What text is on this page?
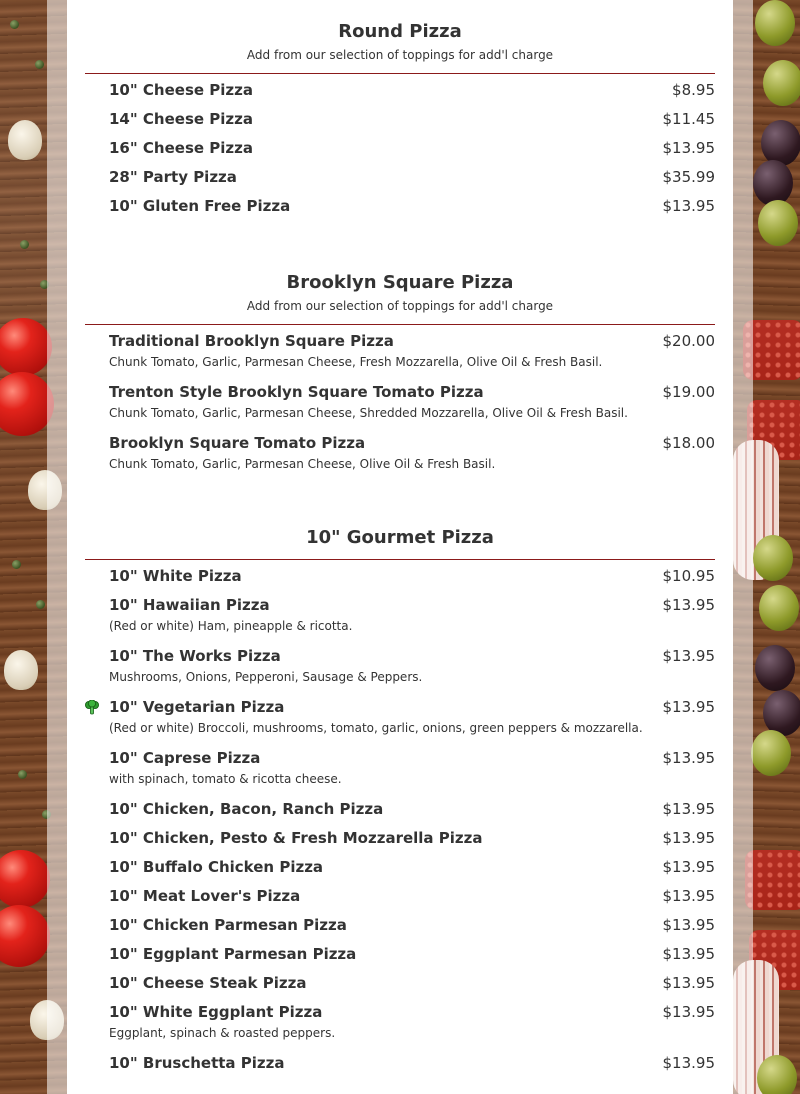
Round Pizza

Add from our selection of toppings for add'l charge

10" Cheese Pizza	$8.95
14" Cheese Pizza	$11.45
16" Cheese Pizza	$13.95
28" Party Pizza	$35.99
10" Gluten Free Pizza	$13.95
Brooklyn Square Pizza

Add from our selection of toppings for add'l charge

Traditional Brooklyn Square Pizza	$20.00
Chunk Tomato, Garlic, Parmesan Cheese, Fresh Mozzarella, Olive Oil & Fresh Basil.
Trenton Style Brooklyn Square Tomato Pizza	$19.00
Chunk Tomato, Garlic, Parmesan Cheese, Shredded Mozzarella, Olive Oil & Fresh Basil.
Brooklyn Square Tomato Pizza	$18.00
Chunk Tomato, Garlic, Parmesan Cheese, Olive Oil & Fresh Basil.
10" Gourmet Pizza
10" White Pizza	$10.95
10" Hawaiian Pizza	$13.95
(Red or white) Ham, pineapple & ricotta.
10" The Works Pizza	$13.95
Mushrooms, Onions, Pepperoni, Sausage & Peppers.
10" Vegetarian Pizza	$13.95
(Red or white) Broccoli, mushrooms, tomato, garlic, onions, green peppers & mozzarella.
10" Caprese Pizza	$13.95
with spinach, tomato & ricotta cheese.
10" Chicken, Bacon, Ranch Pizza	$13.95
10" Chicken, Pesto & Fresh Mozzarella Pizza	$13.95
10" Buffalo Chicken Pizza	$13.95
10" Meat Lover's Pizza	$13.95
10" Chicken Parmesan Pizza	$13.95
10" Eggplant Parmesan Pizza	$13.95
10" Cheese Steak Pizza	$13.95
10" White Eggplant Pizza	$13.95
Eggplant, spinach & roasted peppers.
10" Bruschetta Pizza	$13.95
